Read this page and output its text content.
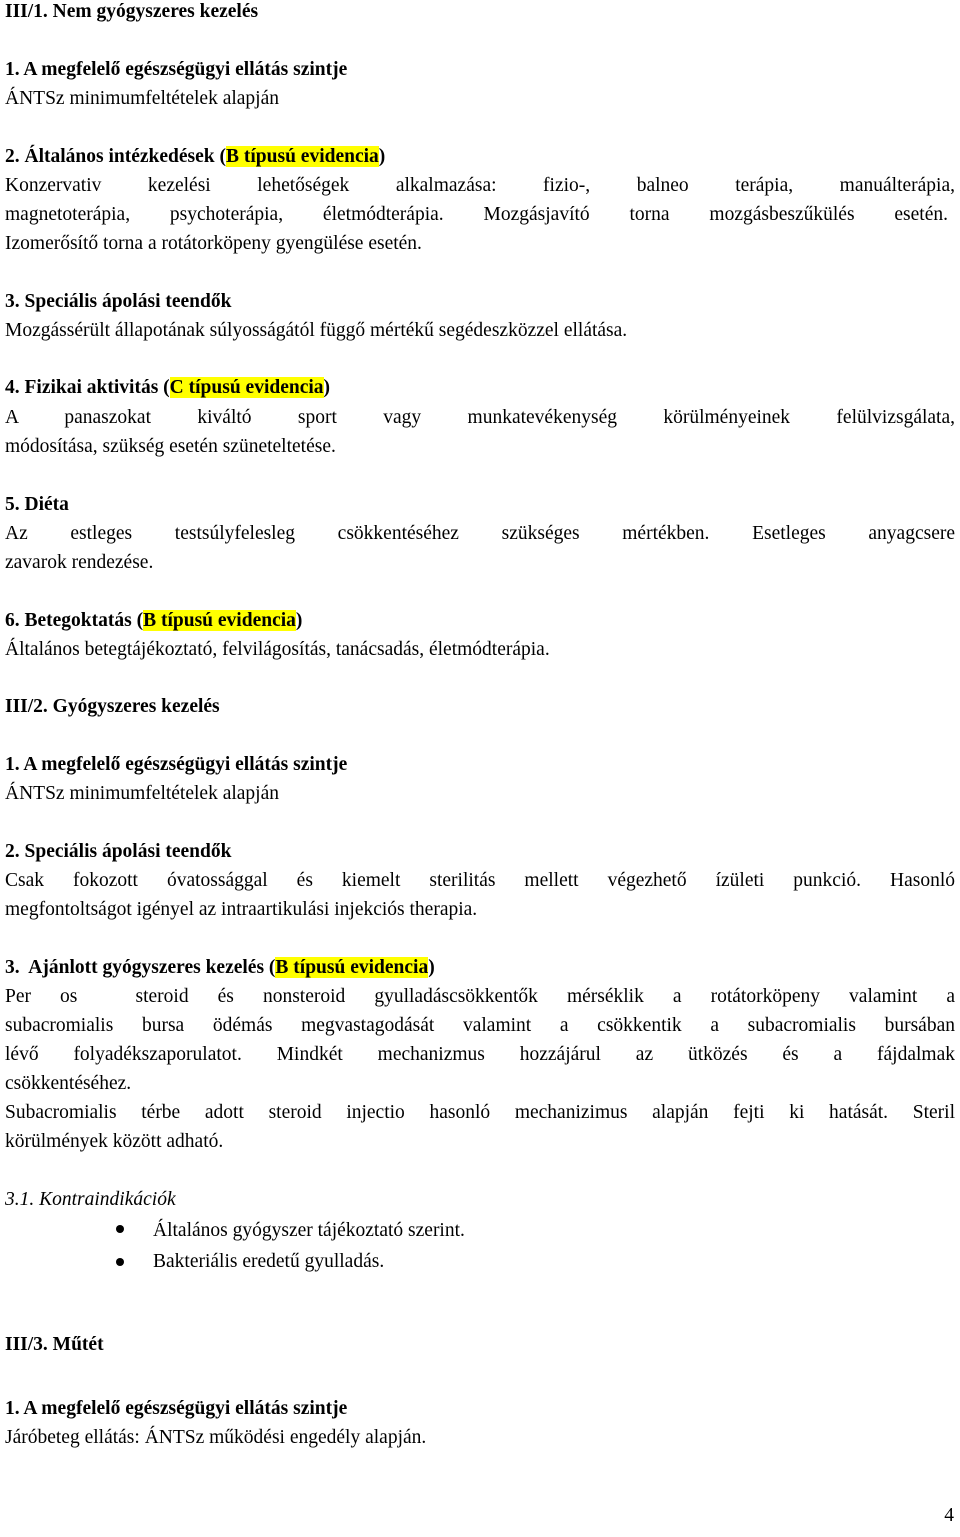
III/1. Nem gyógyszeres kezelés
1. A megfelelő egészségügyi ellátás szintje
ÁNTSz minimumfeltételek alapján
2. Általános intézkedések (B típusú evidencia)
Konzervativ kezelési lehetőségek alkalmazása: fizio-, balneo terápia, manuálterápia,
magnetoterápia, psychoterápia, életmódterápia. Mozgásjavító torna mozgásbeszűkülés esetén.
Izomerősítő torna a rotátorköpeny gyengülése esetén.
3. Speciális ápolási teendők
Mozgássérült állapotának súlyosságától függő mértékű segédeszközzel ellátása.
4. Fizikai aktivitás (C típusú evidencia)
A panaszokat kiváltó sport vagy munkatevékenység körülményeinek felülvizsgálata,
módosítása, szükség esetén szüneteltetése.
5. Diéta
Az estleges testsúlyfelesleg csökkentéséhez szükséges mértékben. Esetleges anyagcsere
zavarok rendezése.
6. Betegoktatás (B típusú evidencia)
Általános betegtájékoztató, felvilágosítás, tanácsadás, életmódterápia.
III/2. Gyógyszeres kezelés
1. A megfelelő egészségügyi ellátás szintje
ÁNTSz minimumfeltételek alapján
2. Speciális ápolási teendők
Csak fokozott óvatossággal és kiemelt sterilitás mellett végezhető ízületi punkció. Hasonló
megfontoltságot igényel az intraartikulási injekciós therapia.
3.  Ajánlott gyógyszeres kezelés (B típusú evidencia)
Per os  steroid és nonsteroid gyulladáscsökkentők mérséklik a rotátorköpeny valamint a
subacromialis bursa ödémás megvastagodását valamint a csökkentik a subacromialis bursában
lévő folyadékszaporulatot. Mindkét mechanizmus hozzájárul az ütközés és a fájdalmak
csökkentéséhez.
Subacromialis térbe adott steroid injectio hasonló mechanizimus alapján fejti ki hatását. Steril
körülmények között adható.
3.1. Kontraindikációk
Általános gyógyszer tájékoztató szerint.
Bakteriális eredetű gyulladás.
III/3. Műtét
1. A megfelelő egészségügyi ellátás szintje
Járóbeteg ellátás: ÁNTSz működési engedély alapján.
4
